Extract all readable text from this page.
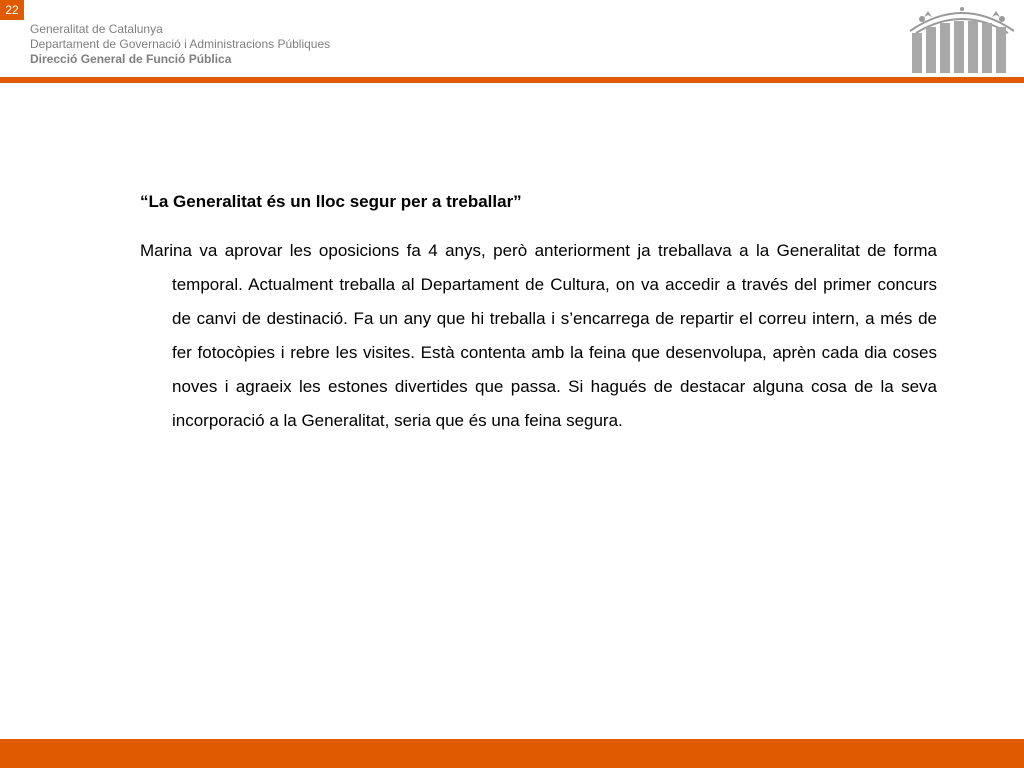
22
Generalitat de Catalunya
Departament de Governació i Administracions Públiques
Direcció General de Funció Pública

“La Generalitat és un lloc segur per a treballar”

Marina va aprovar les oposicions fa 4 anys, però anteriorment ja treballava a la Generalitat de forma temporal. Actualment treballa al Departament de Cultura, on va accedir a través del primer concurs de canvi de destinació. Fa un any que hi treballa i s’encarrega de repartir el correu intern, a més de fer fotocòpies i rebre les visites. Està contenta amb la feina que desenvolupa, aprèn cada dia coses noves i agraeix les estones divertides que passa. Si hagués de destacar alguna cosa de la seva incorporació a la Generalitat, seria que és una feina segura.
